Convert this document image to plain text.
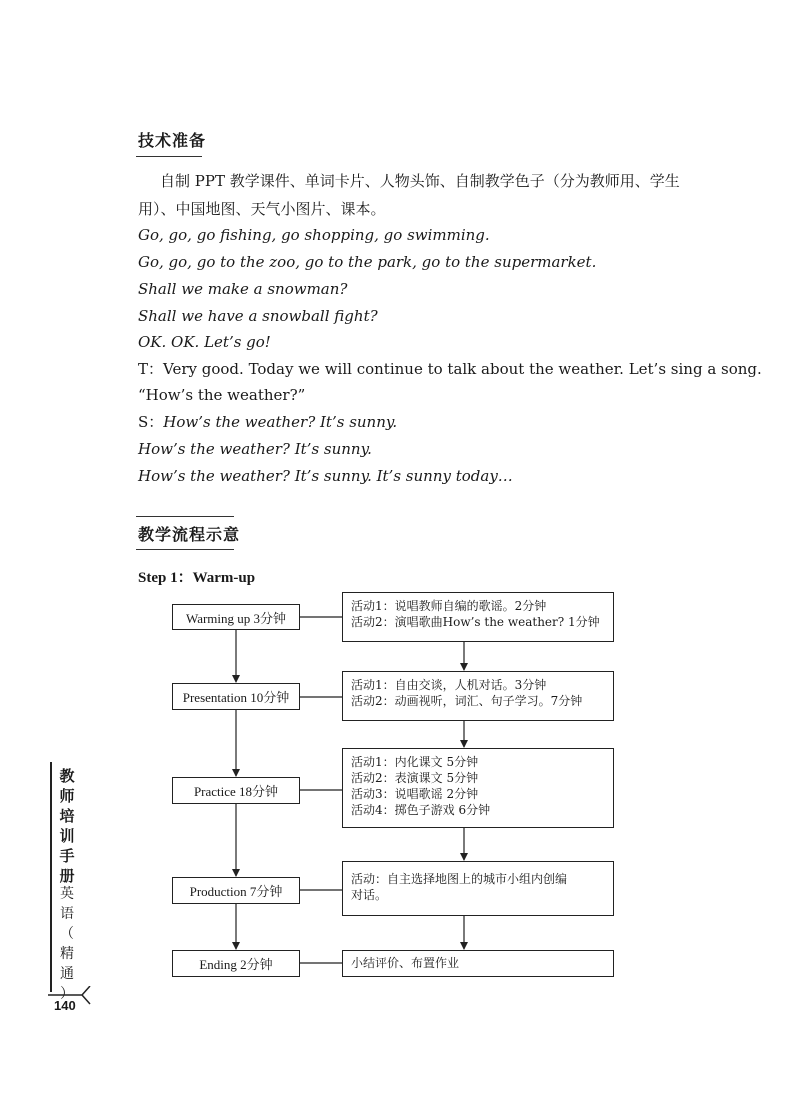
技术准备
自制 PPT 教学课件、单词卡片、人物头饰、自制教学色子（分为教师用、学生
用）、中国地图、天气小图片、课本。
Go, go, go fishing, go shopping, go swimming.
Go, go, go to the zoo, go to the park, go to the supermarket.
Shall we make a snowman?
Shall we have a snowball fight?
OK. OK. Let’s go!
T：Very good. Today we will continue to talk about the weather. Let’s sing a song.
“How’s the weather?”
S：How’s the weather? It’s sunny.
How’s the weather? It’s sunny.
How’s the weather? It’s sunny. It’s sunny today…
教学流程示意
Step 1：Warm-up
Warming up 3分钟
Presentation 10分钟
Practice 18分钟
Production 7分钟
Ending 2分钟
活动1：说唱教师自编的歌谣。2分钟
活动2：演唱歌曲How’s the weather? 1分钟
活动1：自由交谈，人机对话。3分钟
活动2：动画视听，词汇、句子学习。7分钟
活动1：内化课文 5分钟
活动2：表演课文 5分钟
活动3：说唱歌谣 2分钟
活动4：掷色子游戏 6分钟
活动：自主选择地图上的城市小组内创编
对话。
小结评价、布置作业
教
师
培
训
手
册
英
语
（
精
通
）
140
